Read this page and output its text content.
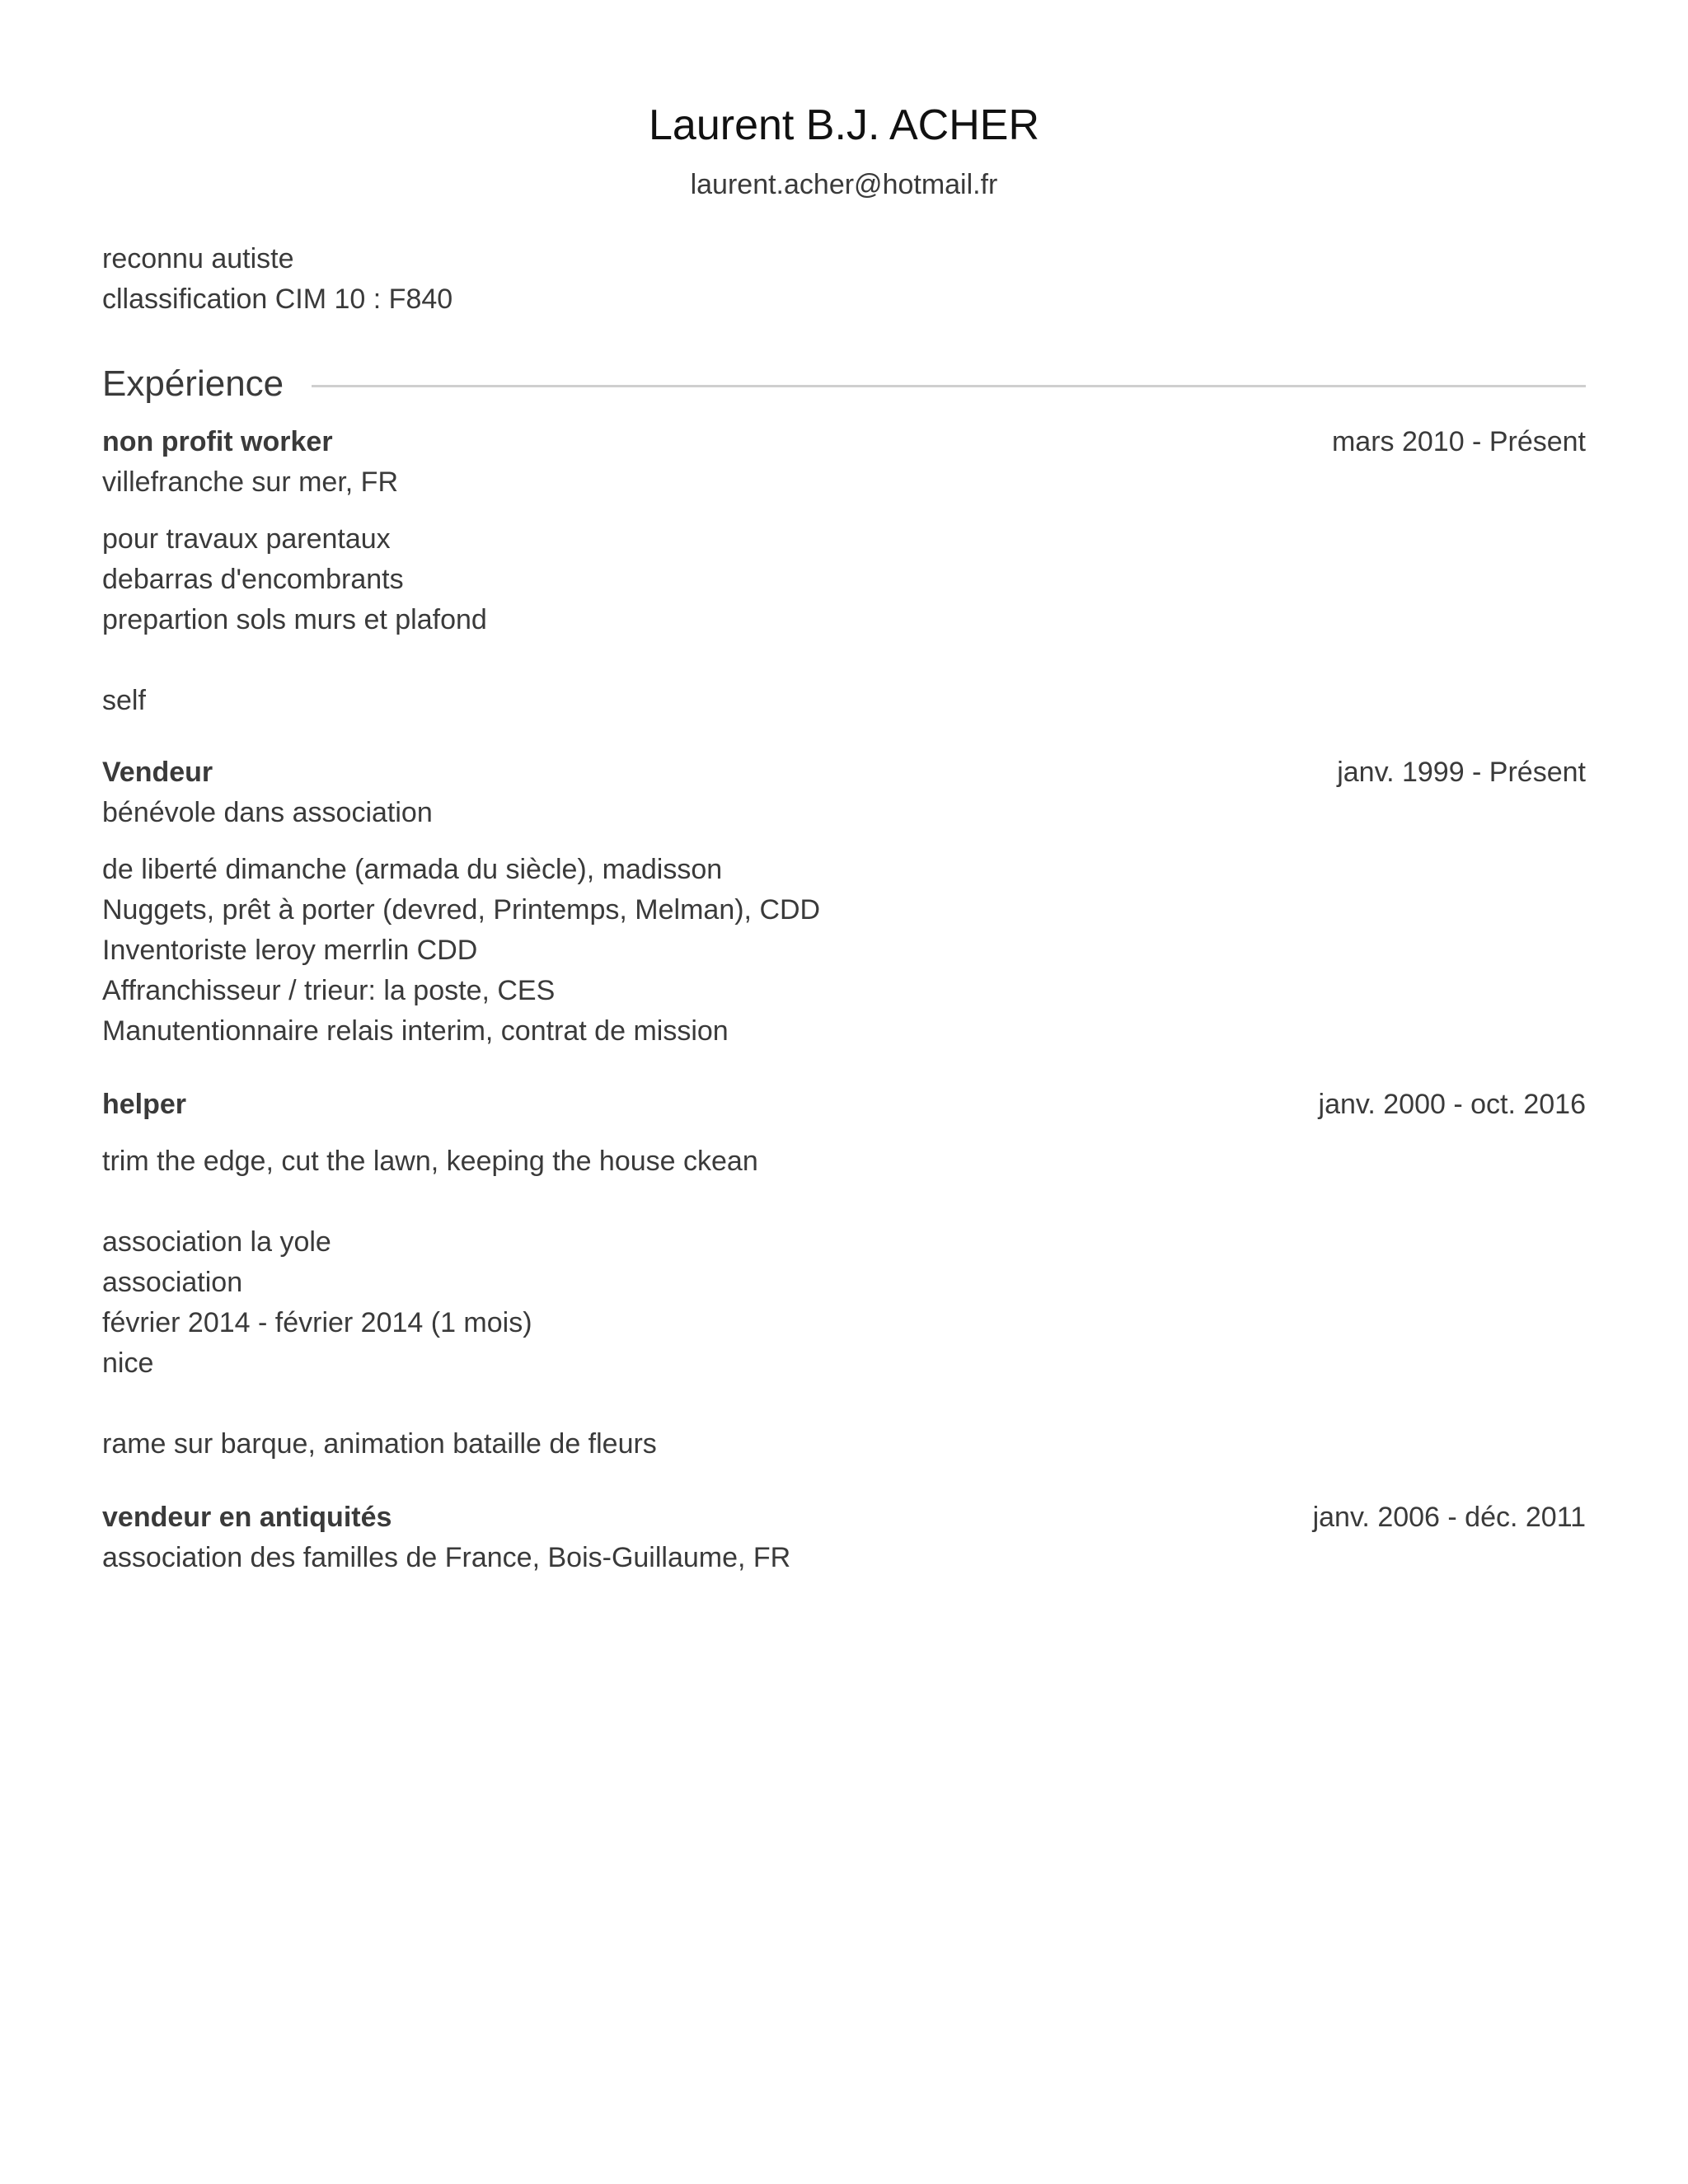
Laurent B.J. ACHER
laurent.acher@hotmail.fr
reconnu autiste
cllassification CIM 10 : F840
Expérience
non profit worker	mars 2010 - Présent
villefranche sur mer, FR
pour travaux parentaux
debarras d'encombrants
prepartion sols murs et plafond
self
Vendeur	janv. 1999 - Présent
bénévole dans association
de liberté dimanche (armada du siècle), madisson
Nuggets, prêt à porter (devred, Printemps, Melman), CDD
Inventoriste leroy merrlin CDD
Affranchisseur / trieur: la poste, CES
Manutentionnaire relais interim, contrat de mission
helper	janv. 2000 - oct. 2016
trim the edge, cut the lawn, keeping the house ckean
association la yole
association
février 2014 - février 2014 (1 mois)
nice
rame sur barque, animation bataille de fleurs
vendeur en antiquités	janv. 2006 - déc. 2011
association des familles de France, Bois-Guillaume, FR
